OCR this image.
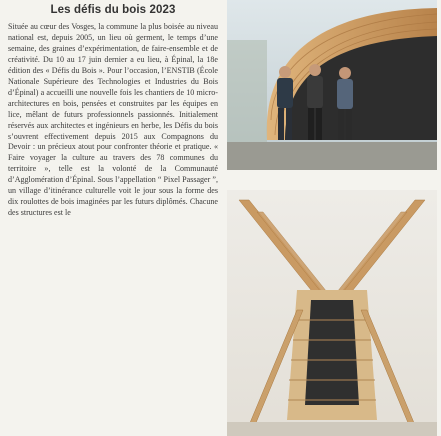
Les défis du bois 2023

Située au cœur des Vosges, la commune la plus boisée au niveau national est, depuis 2005, un lieu où germent, le temps d’une semaine, des graines d’expérimentation, de faire-ensemble et de créativité. Du 10 au 17 juin dernier a eu lieu, à Épinal, la 18e édition des « Défis du Bois ». Pour l’occasion, l’ENSTIB (École Nationale Supérieure des Technologies et Industries du Bois d’Épinal) a accueilli une nouvelle fois les chantiers de 10 micro-architectures en bois, pensées et construites par les équipes en lice, mêlant de futurs professionnels passionnés. Initialement réservés aux architectes et ingénieurs en herbe, les Défis du bois s’ouvrent effectivement depuis 2015 aux Compagnons du Devoir : un précieux atout pour confronter théorie et pratique. « Faire voyager la culture au travers des 78 communes du territoire », telle est la volonté de la Communauté d’Agglomération d’Épinal. Sous l’appellation “ Pixel Passager ”, un village d’itinérance culturelle voit le jour sous la forme des dix roulottes de bois imaginées par les futurs diplômés. Chacune des structures est le
